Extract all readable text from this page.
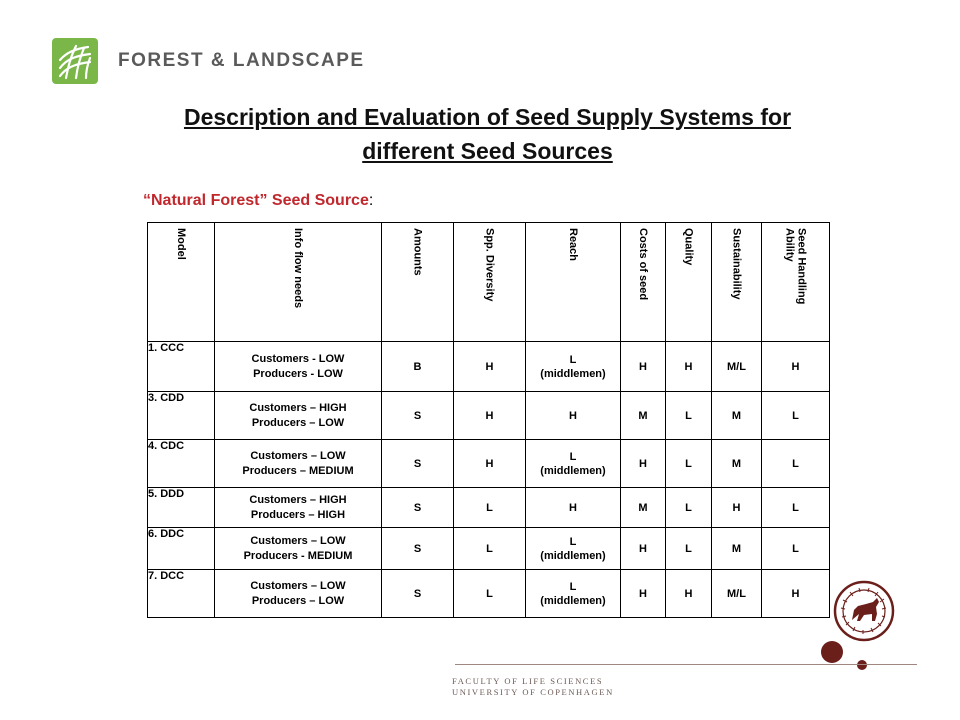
FOREST & LANDSCAPE
Description and Evaluation of Seed Supply Systems for
different Seed Sources
“Natural Forest” Seed Source:
Model	Info flow needs	Amounts	Spp. Diversity	Reach	Costs of seed	Quality	Sustainability	Seed Handling
Ability

1. CCC	Customers - LOW
Producers - LOW	B	H	L
(middlemen)	H	H	M/L	H

3. CDD	Customers – HIGH
Producers – LOW	S	H	H	M	L	M	L

4. CDC	Customers – LOW
Producers – MEDIUM	S	H	L
(middlemen)	H	L	M	L

5. DDD	Customers – HIGH
Producers – HIGH	S	L	H	M	L	H	L

6. DDC	Customers – LOW
Producers - MEDIUM	S	L	L
(middlemen)	H	L	M	L

7. DCC	Customers – LOW
Producers – LOW	S	L	L
(middlemen)	H	H	M/L	H
FACULTY OF LIFE SCIENCES
UNIVERSITY OF COPENHAGEN
